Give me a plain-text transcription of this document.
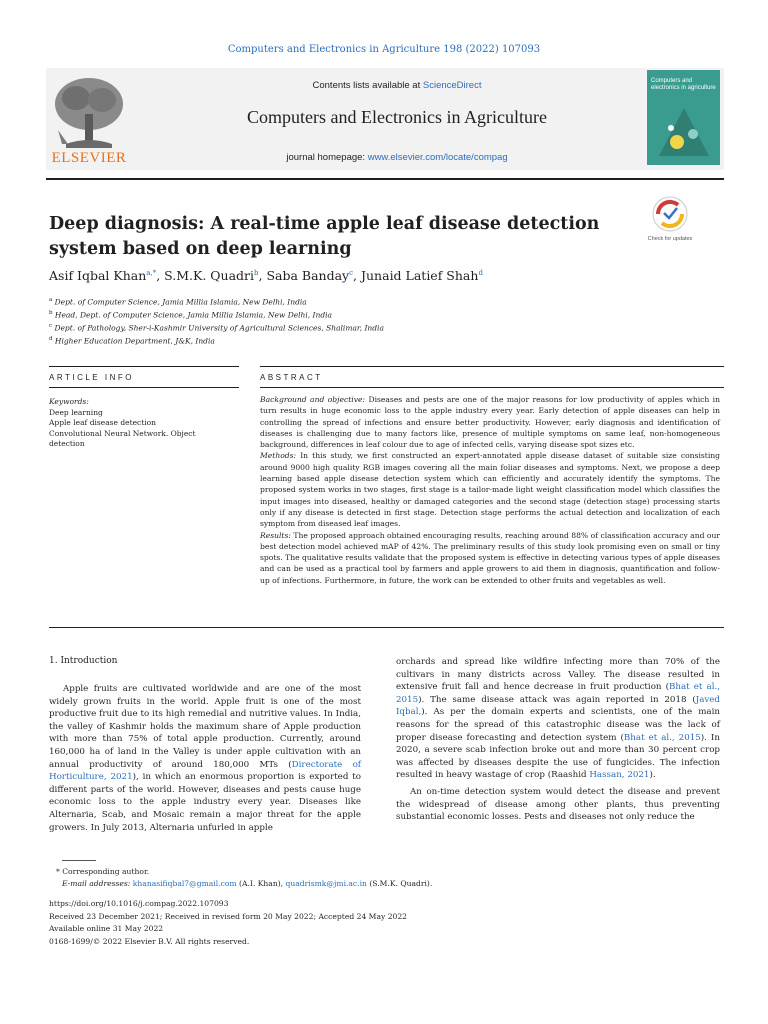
Computers and Electronics in Agriculture 198 (2022) 107093
ELSEVIER
Contents lists available at ScienceDirect
Computers and Electronics in Agriculture
journal homepage: www.elsevier.com/locate/compag
Computers and electronics in agriculture
Deep diagnosis: A real-time apple leaf disease detection system based on deep learning	Check for updates
Asif Iqbal Khan$^{a,*}$, S.M.K. Quadri$^b$, Saba Banday$^c$, Junaid Latief Shah$^d$
$^a$ Dept. of Computer Science, Jamia Millia Islamia, New Delhi, India
$^b$ Head, Dept. of Computer Science, Jamia Millia Islamia, New Delhi, India
$^c$ Dept. of Pathology, Sher-i-Kashmir University of Agricultural Sciences, Shalimar, India
$^d$ Higher Education Department, J&K, India
ARTICLE INFO	ABSTRACT
Keywords:
Deep learning
Apple leaf disease detection
Convolutional Neural Network. Object detection
Background and objective: Diseases and pests are one of the major reasons for low productivity of apples which in turn results in huge economic loss to the apple industry every year. Early detection of apple diseases can help in controlling the spread of infections and ensure better productivity. However, early diagnosis and identification of diseases is challenging due to many factors like, presence of multiple symptoms on same leaf, non-homogeneous background, differences in leaf colour due to age of infected cells, varying disease spot sizes etc.
Methods: In this study, we first constructed an expert-annotated apple disease dataset of suitable size consisting around 9000 high quality RGB images covering all the main foliar diseases and symptoms. Next, we propose a deep learning based apple disease detection system which can efficiently and accurately identify the symptoms. The proposed system works in two stages, first stage is a tailor-made light weight classification model which classifies the input images into diseased, healthy or damaged categories and the second stage (detection stage) processing starts only if any disease is detected in first stage. Detection stage performs the actual detection and localization of each symptom from diseased leaf images.
Results: The proposed approach obtained encouraging results, reaching around 88% of classification accuracy and our best detection model achieved mAP of 42%. The preliminary results of this study look promising even on small or tiny spots. The qualitative results validate that the proposed system is effective in detecting various types of apple diseases and can be used as a practical tool by farmers and apple growers to aid them in diagnosis, quantification and follow-up of infections. Furthermore, in future, the work can be extended to other fruits and vegetables as well.
1. Introduction

Apple fruits are cultivated worldwide and are one of the most widely grown fruits in the world. Apple fruit is one of the most productive fruit due to its high remedial and nutritive values. In India, the valley of Kashmir holds the maximum share of Apple production with more than 75% of total apple production. Currently, around 160,000 ha of land in the Valley is under apple cultivation with an annual productivity of around 180,000 MTs (Directorate of Horticulture, 2021), in which an enormous proportion is exported to different parts of the world. However, diseases and pests cause huge economic loss to the apple industry every year. Diseases like Alternaria, Scab, and Mosaic remain a major threat for the apple growers. In July 2013, Alternaria unfurled in apple

orchards and spread like wildfire infecting more than 70% of the cultivars in many districts across Valley. The disease resulted in extensive fruit fall and hence decrease in fruit production (Bhat et al., 2015). The same disease attack was again reported in 2018 (Javed Iqbal,). As per the domain experts and scientists, one of the main reasons for the spread of this catastrophic disease was the lack of proper disease forecasting and detection system (Bhat et al., 2015). In 2020, a severe scab infection broke out and more than 30 percent crop was affected by diseases despite the use of fungicides. The infection resulted in heavy wastage of crop (Raashid Hassan, 2021).

An on-time detection system would detect the disease and prevent the widespread of disease among other plants, thus preventing substantial economic losses. Pests and diseases not only reduce the

* Corresponding author.
E-mail addresses: khanasifiqbal7@gmail.com (A.I. Khan), quadrismk@jmi.ac.in (S.M.K. Quadri).
https://doi.org/10.1016/j.compag.2022.107093
Received 23 December 2021; Received in revised form 20 May 2022; Accepted 24 May 2022
Available online 31 May 2022
0168-1699/© 2022 Elsevier B.V. All rights reserved.
